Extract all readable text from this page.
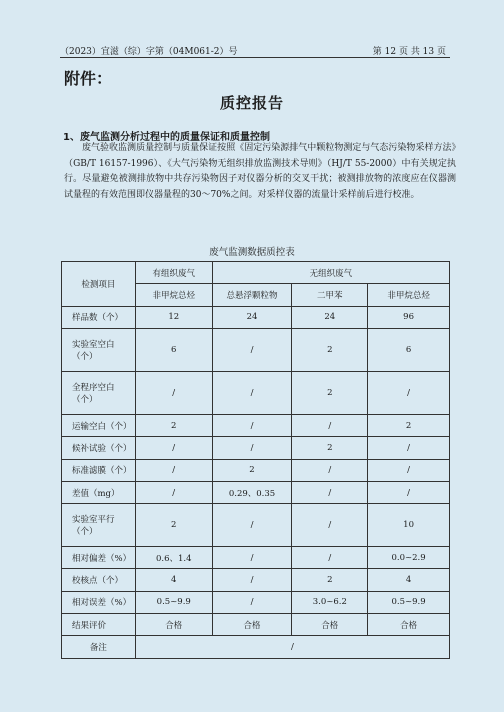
（2023）宜滋（综）字第（04M061-2）号	第 12 页 共 13 页
附件：
质控报告
1、废气监测分析过程中的质量保证和质量控制

废气验收监测质量控制与质量保证按照《固定污染源排气中颗粒物测定与气态污染物采样方法》（GB/T 16157-1996）、《大气污染物无组织排放监测技术导则》（HJ/T 55-2000）中有关规定执行。尽量避免被测排放物中共存污染物因子对仪器分析的交叉干扰；被测排放物的浓度应在仪器测试量程的有效范围即仪器量程的30～70%之间。对采样仪器的流量计采样前后进行校准。

废气监测数据质控表
检测项目	有组织废气	无组织废气		
	非甲烷总烃	总悬浮颗粒物	二甲苯	非甲烷总烃
样品数（个）	12	24	24	96
实验室空白（个）	6	/	2	6
全程序空白（个）	/	/	2	/
运输空白（个）	2	/	/	2
候补试验（个）	/	/	2	/
标准滤膜（个）	/	2	/	/
差值（mg）	/	0.29、0.35	/	/
实验室平行（个）	2	/	/	10
相对偏差（%）	0.6、1.4	/	/	0.0~2.9
校核点（个）	4	/	2	4
相对误差（%）	0.5~9.9	/	3.0~6.2	0.5~9.9
结果评价	合格	合格	合格	合格
备注	/			
